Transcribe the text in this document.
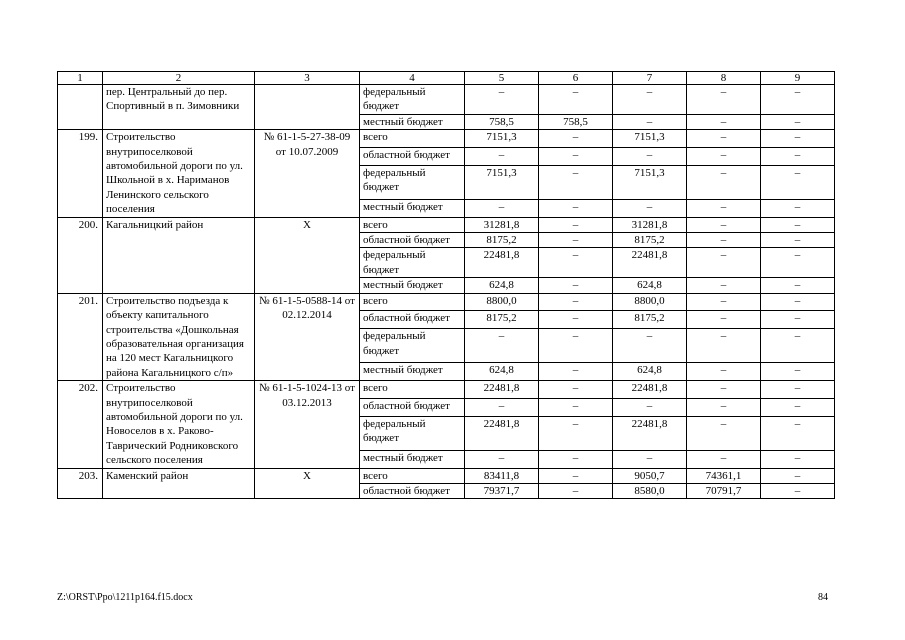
1	2	3	4	5	6	7	8	9
	пер. Центральный до пер. Спортивный в п. Зимовники		федеральный бюджет	–	–	–	–	–
			местный бюджет	758,5	758,5	–	–	–
199.	Строительство внутрипоселковой автомобильной дороги по ул. Школьной в х. Нариманов Ленинского сельского поселения	№ 61-1-5-27-38-09 от 10.07.2009	всего	7151,3	–	7151,3	–	–
			областной бюджет	–	–	–	–	–
			федеральный бюджет	7151,3	–	7151,3	–	–
			местный бюджет	–	–	–	–	–
200.	Кагальницкий район	Х	всего	31281,8	–	31281,8	–	–
			областной бюджет	8175,2	–	8175,2	–	–
			федеральный бюджет	22481,8	–	22481,8	–	–
			местный бюджет	624,8	–	624,8	–	–
201.	Строительство подъезда к объекту капитального строительства «Дошкольная образовательная организация на 120 мест Кагальницкого района Кагальницкого с/п»	№ 61-1-5-0588-14 от 02.12.2014	всего	8800,0	–	8800,0	–	–
			областной бюджет	8175,2	–	8175,2	–	–
			федеральный бюджет	–	–	–	–	–
			местный бюджет	624,8	–	624,8	–	–
202.	Строительство внутрипоселковой автомобильной дороги по ул. Новоселов в х. Раково-Таврический Родниковского сельского поселения	№ 61-1-5-1024-13 от 03.12.2013	всего	22481,8	–	22481,8	–	–
			областной бюджет	–	–	–	–	–
			федеральный бюджет	22481,8	–	22481,8	–	–
			местный бюджет	–	–	–	–	–
203.	Каменский район	Х	всего	83411,8	–	9050,7	74361,1	–
			областной бюджет	79371,7	–	8580,0	70791,7	–
Z:\ORST\Ppo\1211p164.f15.docx	84
